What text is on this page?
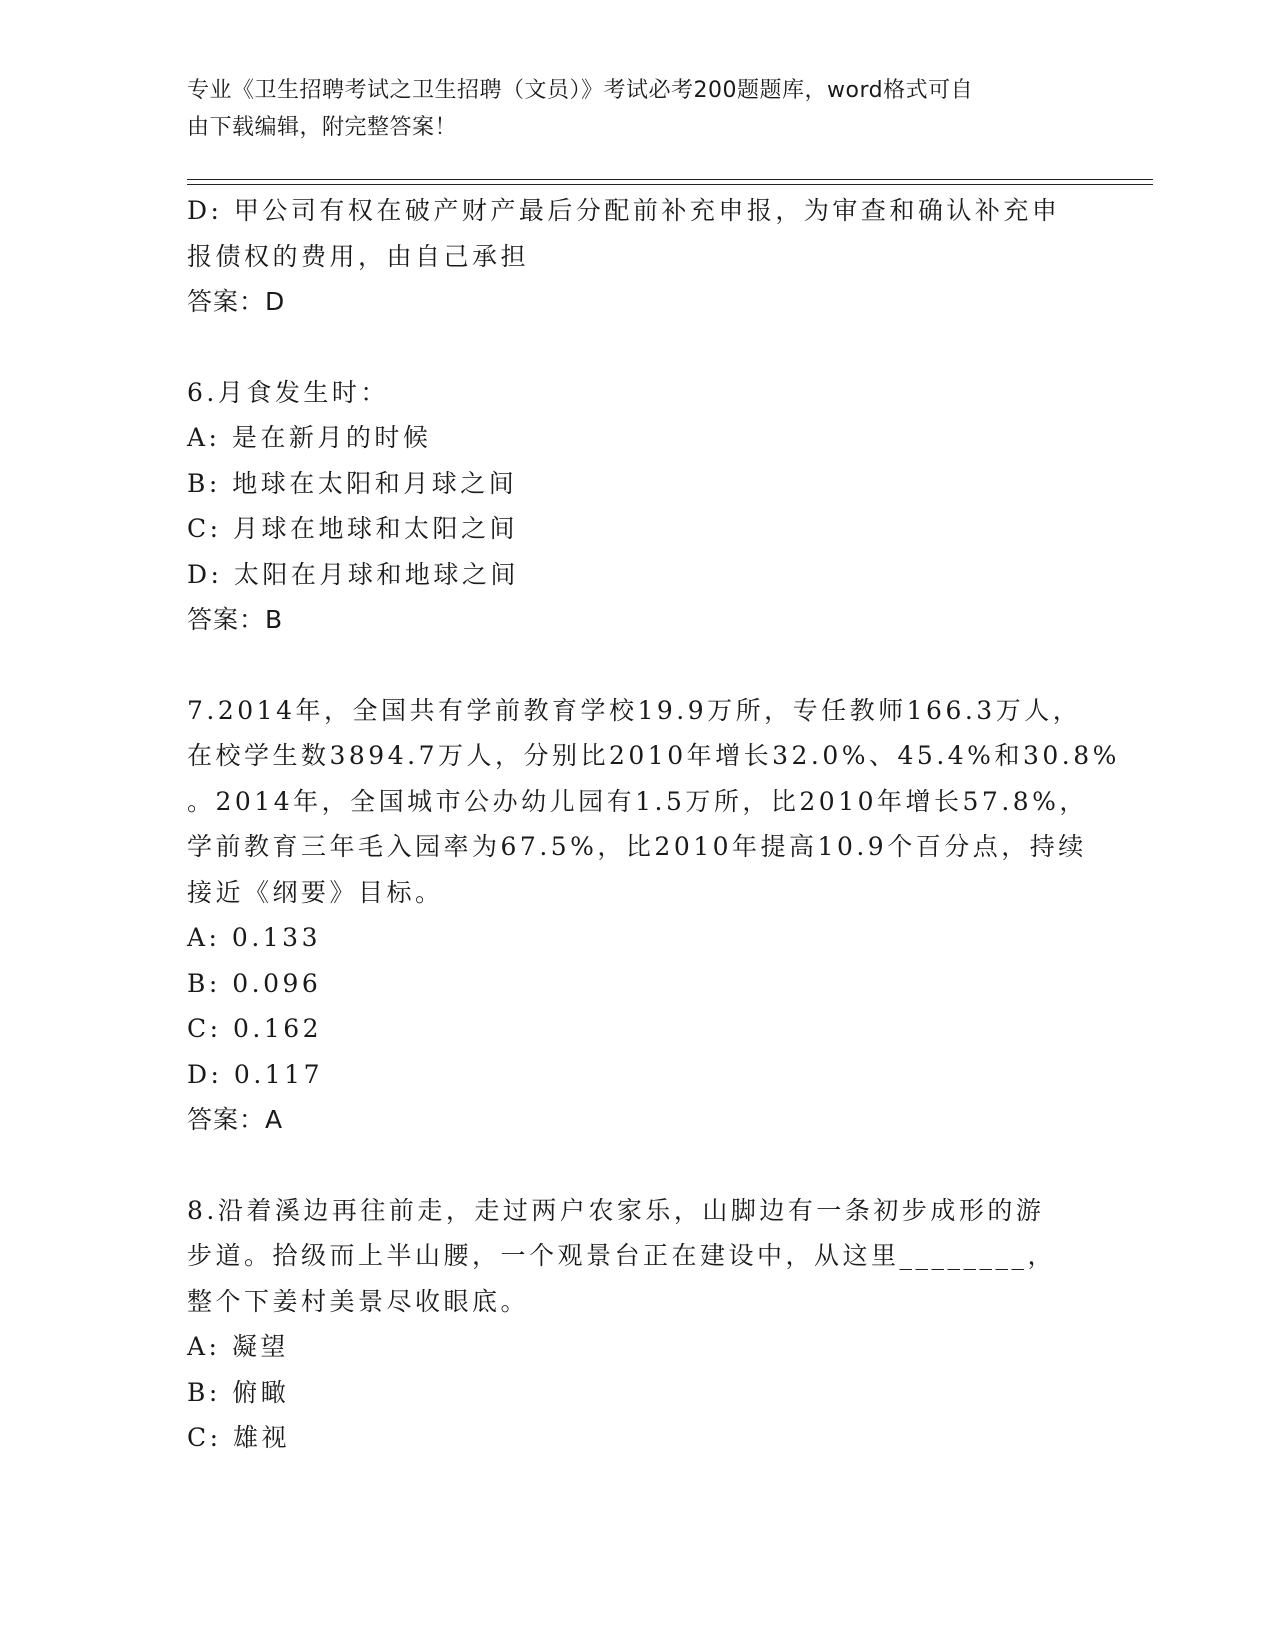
专业《卫生招聘考试之卫生招聘（文员）》考试必考200题题库，word格式可自
由下载编辑，附完整答案！
D: 甲公司有权在破产财产最后分配前补充申报，为审查和确认补充申
报债权的费用，由自己承担
答案：D
6.月食发生时：
A: 是在新月的时候
B: 地球在太阳和月球之间
C: 月球在地球和太阳之间
D: 太阳在月球和地球之间
答案：B
7.2014年，全国共有学前教育学校19.9万所，专任教师166.3万人，
在校学生数3894.7万人，分别比2010年增长32.0%、45.4%和30.8%
。2014年，全国城市公办幼儿园有1.5万所，比2010年增长57.8%，
学前教育三年毛入园率为67.5%，比2010年提高10.9个百分点，持续
接近《纲要》目标。
A: 0.133
B: 0.096
C: 0.162
D: 0.117
答案：A
8.沿着溪边再往前走，走过两户农家乐，山脚边有一条初步成形的游
步道。拾级而上半山腰，一个观景台正在建设中，从这里________，
整个下姜村美景尽收眼底。
A: 凝望
B: 俯瞰
C: 雄视
